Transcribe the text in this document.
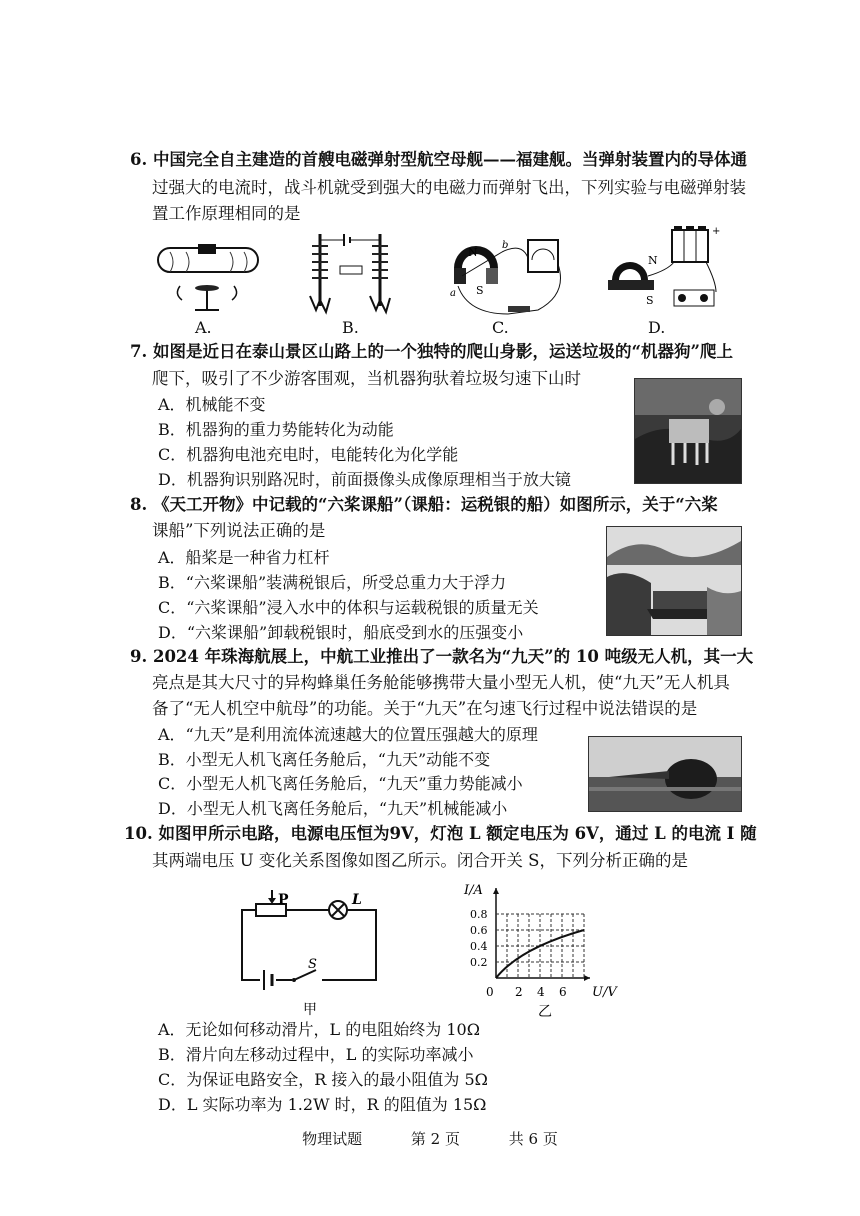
6. 中国完全自主建造的首艘电磁弹射型航空母舰——福建舰。当弹射装置内的导体通
过强大的电流时，战斗机就受到强大的电磁力而弹射飞出，下列实验与电磁弹射装
置工作原理相同的是
A.	B.
N
S
a
b
C.
+
N
S
D.
7. 如图是近日在泰山景区山路上的一个独特的爬山身影，运送垃圾的“机器狗”爬上
爬下，吸引了不少游客围观，当机器狗驮着垃圾匀速下山时
A．机械能不变
B．机器狗的重力势能转化为动能
C．机器狗电池充电时，电能转化为化学能
D．机器狗识别路况时，前面摄像头成像原理相当于放大镜
8. 《天工开物》中记载的“六桨课船”（课船：运税银的船）如图所示，关于“六桨
课船”下列说法正确的是
A．船桨是一种省力杠杆
B．“六桨课船”装满税银后，所受总重力大于浮力
C．“六桨课船”浸入水中的体积与运载税银的质量无关
D．“六桨课船”卸载税银时，船底受到水的压强变小
9. 2024 年珠海航展上，中航工业推出了一款名为“九天”的 10 吨级无人机，其一大
亮点是其大尺寸的异构蜂巢任务舱能够携带大量小型无人机，使“九天”无人机具
备了“无人机空中航母”的功能。关于“九天”在匀速飞行过程中说法错误的是
A．“九天”是利用流体流速越大的位置压强越大的原理
B．小型无人机飞离任务舱后，“九天”动能不变
C．小型无人机飞离任务舱后，“九天”重力势能减小
D．小型无人机飞离任务舱后，“九天”机械能减小
10. 如图甲所示电路，电源电压恒为9V，灯泡 L 额定电压为 6V，通过 L 的电流 I 随
其两端电压 U 变化关系图像如图乙所示。闭合开关 S，下列分析正确的是
P	L
S
甲
I/A
0.8
0.6
0.4
0.2
0 2 4 6 U/V
乙
A．无论如何移动滑片，L 的电阻始终为 10Ω
B．滑片向左移动过程中，L 的实际功率减小
C．为保证电路安全，R 接入的最小阻值为 5Ω
D．L 实际功率为 1.2W 时，R 的阻值为 15Ω
物理试题	第 2 页	共 6 页
